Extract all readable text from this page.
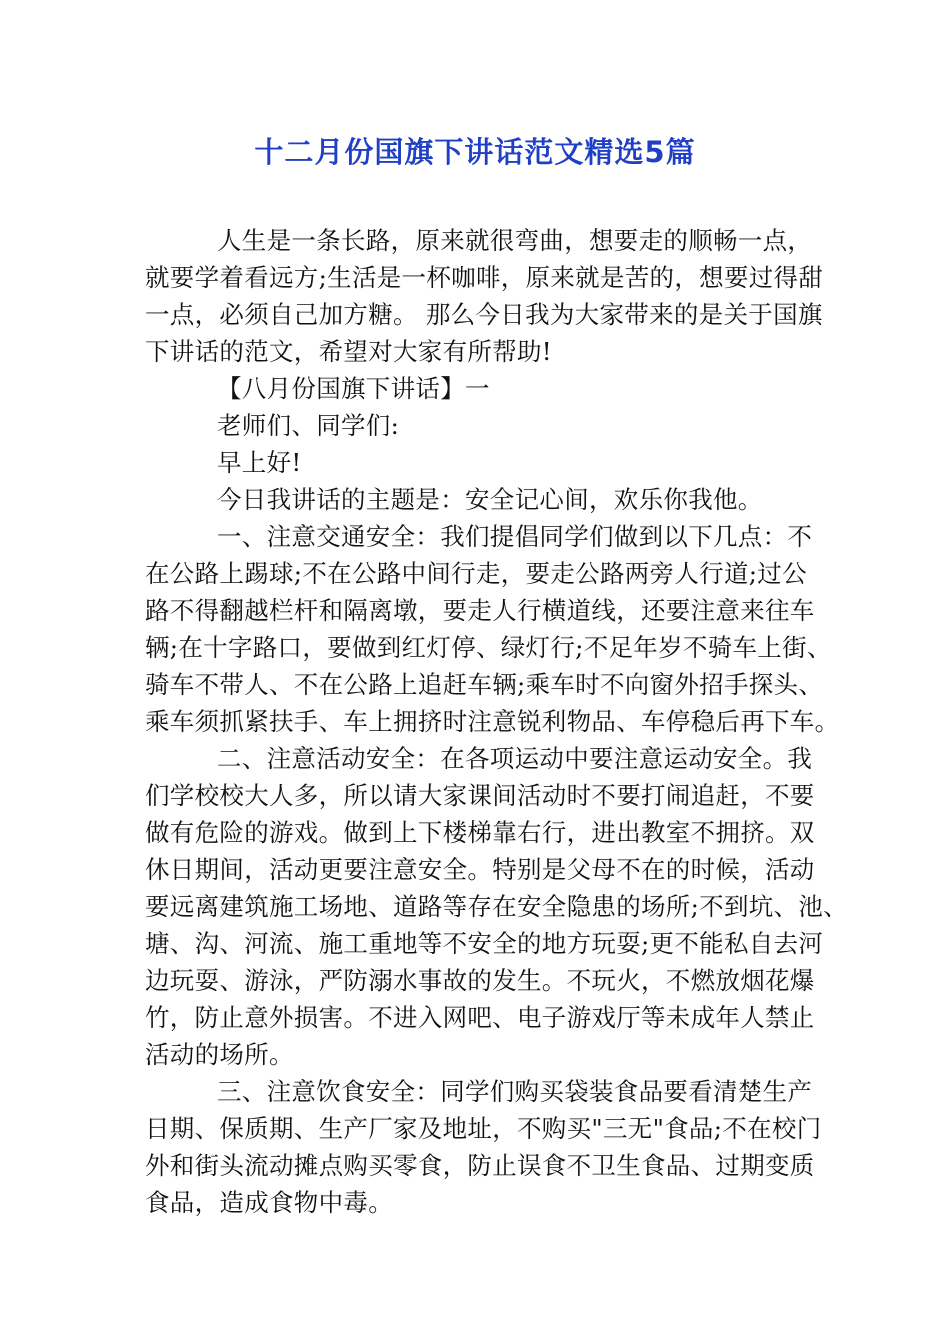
十二月份国旗下讲话范文精选5篇
人生是一条长路，原来就很弯曲，想要走的顺畅一点，
就要学着看远方;生活是一杯咖啡，原来就是苦的，想要过得甜
一点，必须自己加方糖。 那么今日我为大家带来的是关于国旗
下讲话的范文，希望对大家有所帮助!
【八月份国旗下讲话】一
老师们、同学们:
早上好!
今日我讲话的主题是：安全记心间，欢乐你我他。
一、注意交通安全：我们提倡同学们做到以下几点：不
在公路上踢球;不在公路中间行走，要走公路两旁人行道;过公
路不得翻越栏杆和隔离墩，要走人行横道线，还要注意来往车
辆;在十字路口，要做到红灯停、绿灯行;不足年岁不骑车上街、
骑车不带人、不在公路上追赶车辆;乘车时不向窗外招手探头、
乘车须抓紧扶手、车上拥挤时注意锐利物品、车停稳后再下车。
二、注意活动安全：在各项运动中要注意运动安全。我
们学校校大人多，所以请大家课间活动时不要打闹追赶，不要
做有危险的游戏。做到上下楼梯靠右行，进出教室不拥挤。双
休日期间，活动更要注意安全。特别是父母不在的时候，活动
要远离建筑施工场地、道路等存在安全隐患的场所;不到坑、池、
塘、沟、河流、施工重地等不安全的地方玩耍;更不能私自去河
边玩耍、游泳，严防溺水事故的发生。不玩火，不燃放烟花爆
竹，防止意外损害。不进入网吧、电子游戏厅等未成年人禁止
活动的场所。
三、注意饮食安全：同学们购买袋装食品要看清楚生产
日期、保质期、生产厂家及地址，不购买"三无"食品;不在校门
外和街头流动摊点购买零食，防止误食不卫生食品、过期变质
食品，造成食物中毒。
